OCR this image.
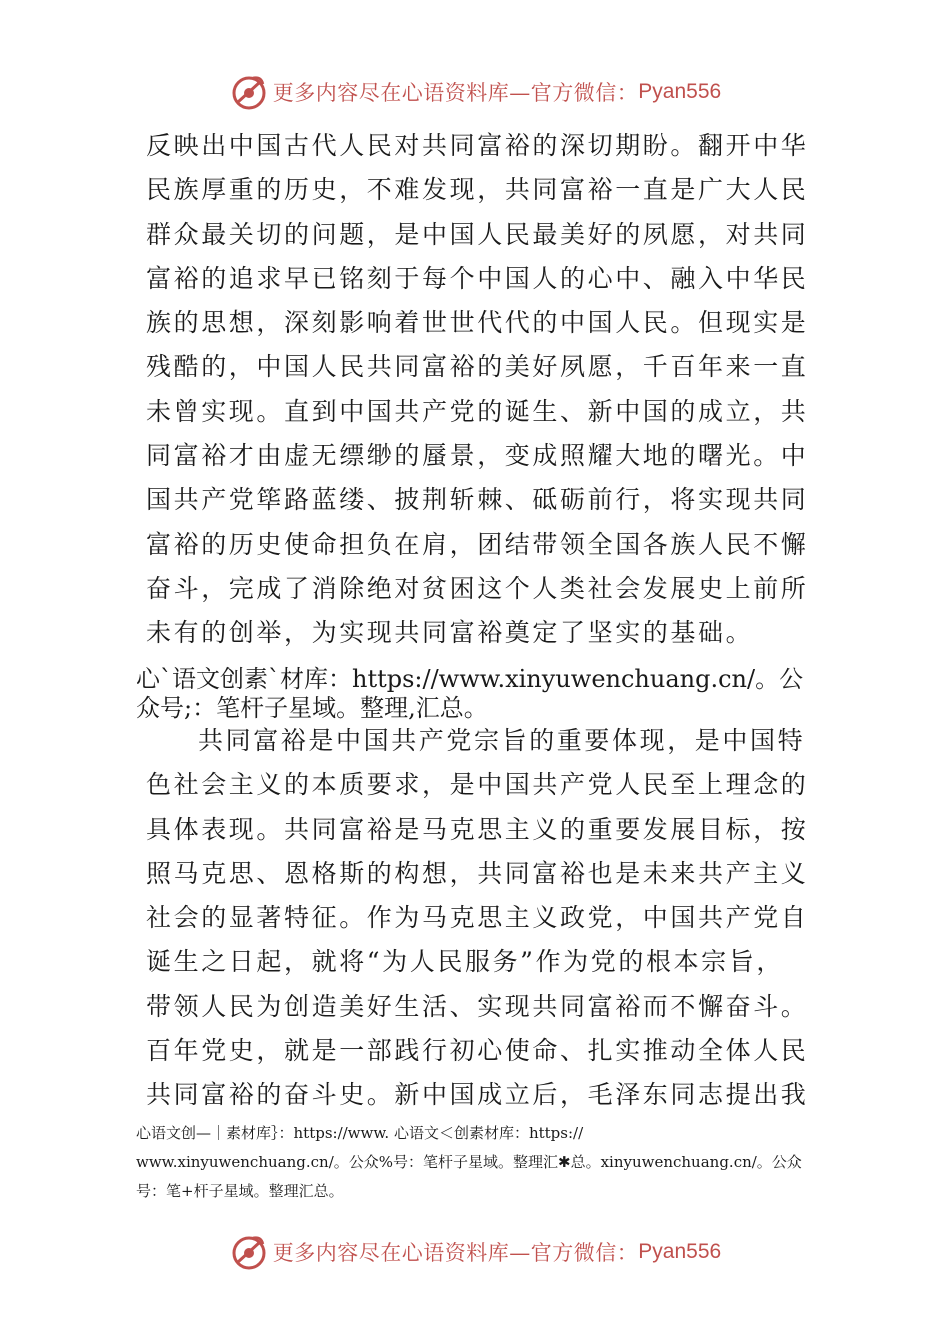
更多内容尽在心语资料库—官方微信： Pyan556
反映出中国古代人民对共同富裕的深切期盼。翻开中华
民族厚重的历史，不难发现，共同富裕一直是广大人民
群众最关切的问题，是中国人民最美好的夙愿，对共同
富裕的追求早已铭刻于每个中国人的心中、融入中华民
族的思想，深刻影响着世世代代的中国人民。但现实是
残酷的，中国人民共同富裕的美好夙愿，千百年来一直
未曾实现。直到中国共产党的诞生、新中国的成立，共
同富裕才由虚无缥缈的蜃景，变成照耀大地的曙光。中
国共产党筚路蓝缕、披荆斩棘、砥砺前行，将实现共同
富裕的历史使命担负在肩，团结带领全国各族人民不懈
奋斗，完成了消除绝对贫困这个人类社会发展史上前所
未有的创举，为实现共同富裕奠定了坚实的基础。
心`语文创素`材库：https://www.xinyuwenchuang.cn/。公
众号;：笔杆子星域。整理,汇总。
共同富裕是中国共产党宗旨的重要体现，是中国特
色社会主义的本质要求，是中国共产党人民至上理念的
具体表现。共同富裕是马克思主义的重要发展目标，按
照马克思、恩格斯的构想，共同富裕也是未来共产主义
社会的显著特征。作为马克思主义政党，中国共产党自
诞生之日起，就将“为人民服务”作为党的根本宗旨，
带领人民为创造美好生活、实现共同富裕而不懈奋斗。
百年党史，就是一部践行初心使命、扎实推动全体人民
共同富裕的奋斗史。新中国成立后，毛泽东同志提出我
心语文创—｜素材库｝：https://www. 心语文＜创素材库：https://
www.xinyuwenchuang.cn/。公众%号：笔杆子星域。整理汇✱总。xinyuwenchuang.cn/。公众
号：笔+杆子星域。整理汇总。
更多内容尽在心语资料库—官方微信： Pyan556
